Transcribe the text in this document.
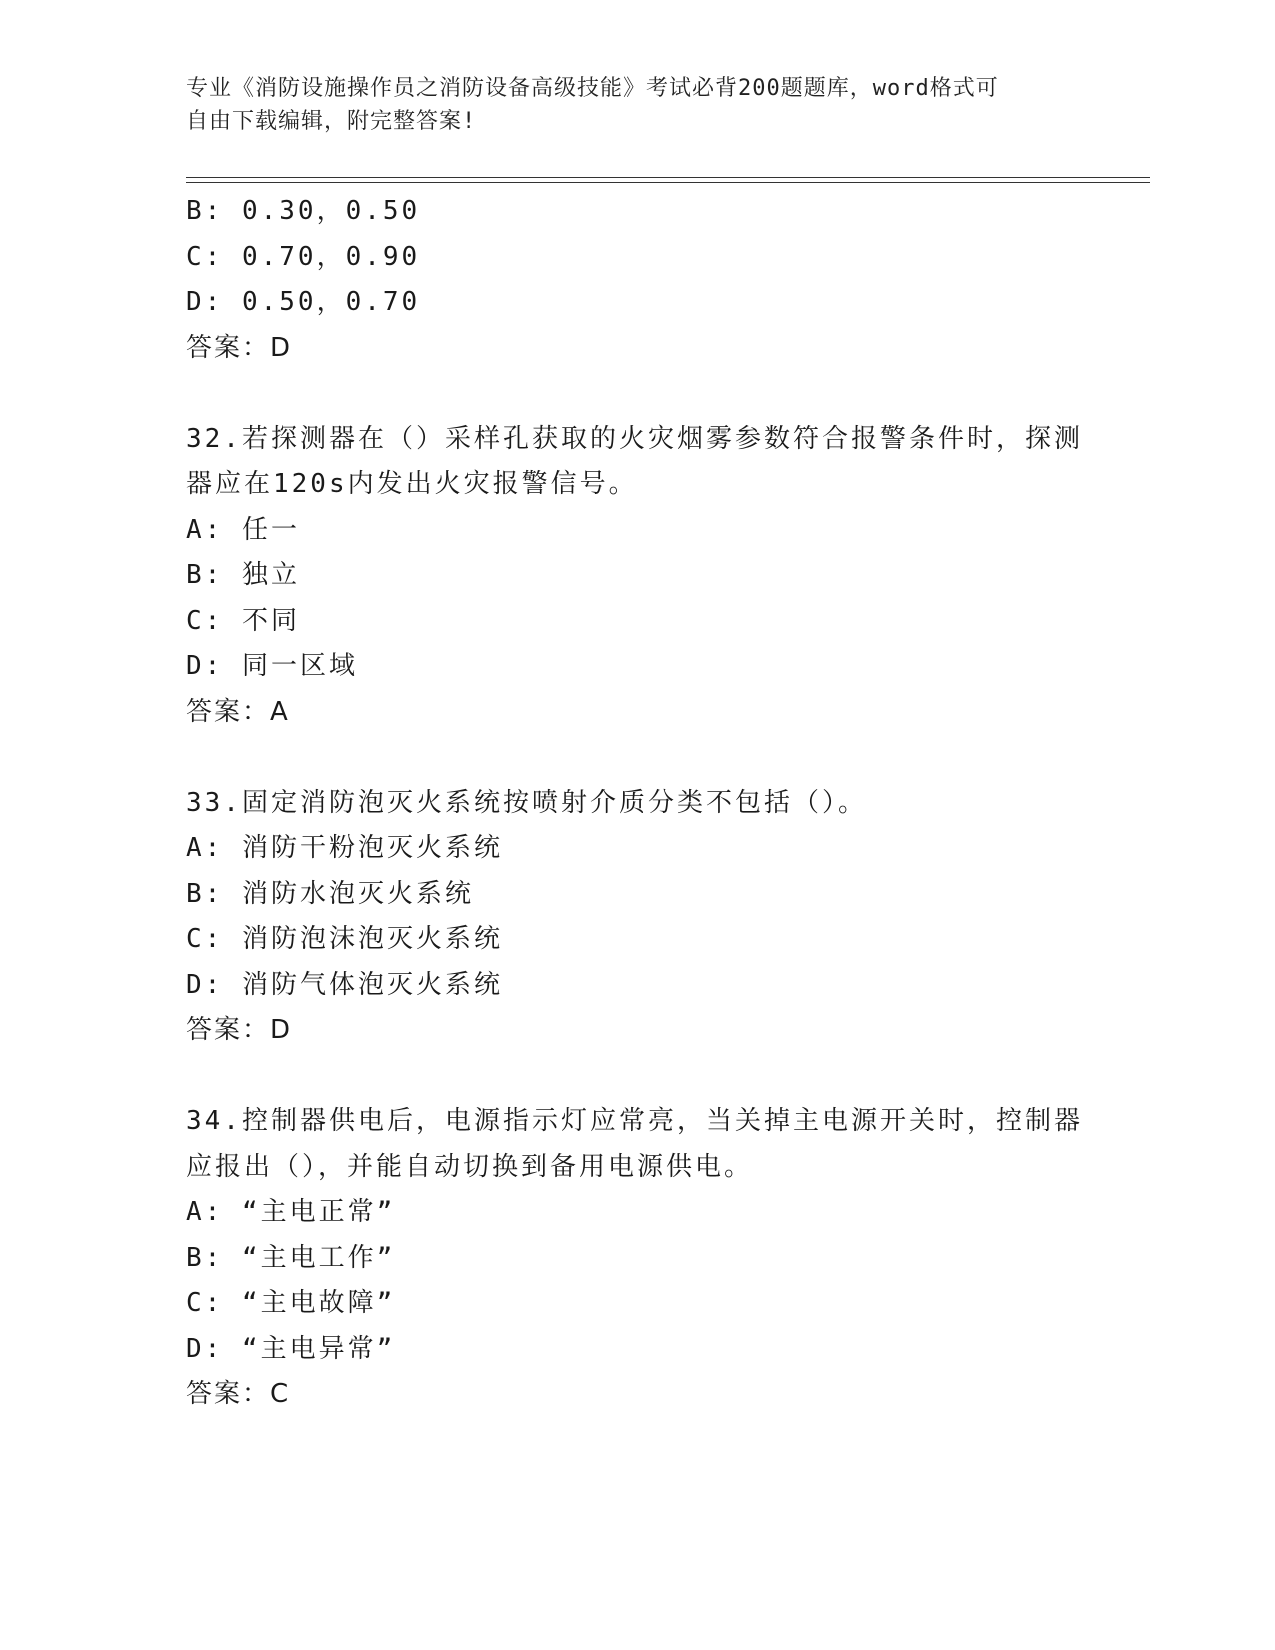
专业《消防设施操作员之消防设备高级技能》考试必背200题题库，word格式可
自由下载编辑，附完整答案!
B: 0.30，0.50
C: 0.70，0.90
D: 0.50，0.70
答案：D
32.若探测器在（）采样孔获取的火灾烟雾参数符合报警条件时，探测
器应在120s内发出火灾报警信号。
A: 任一
B: 独立
C: 不同
D: 同一区域
答案：A
33.固定消防泡灭火系统按喷射介质分类不包括（）。
A: 消防干粉泡灭火系统
B: 消防水泡灭火系统
C: 消防泡沫泡灭火系统
D: 消防气体泡灭火系统
答案：D
34.控制器供电后，电源指示灯应常亮，当关掉主电源开关时，控制器
应报出（），并能自动切换到备用电源供电。
A: “主电正常”
B: “主电工作”
C: “主电故障”
D: “主电异常”
答案：C
